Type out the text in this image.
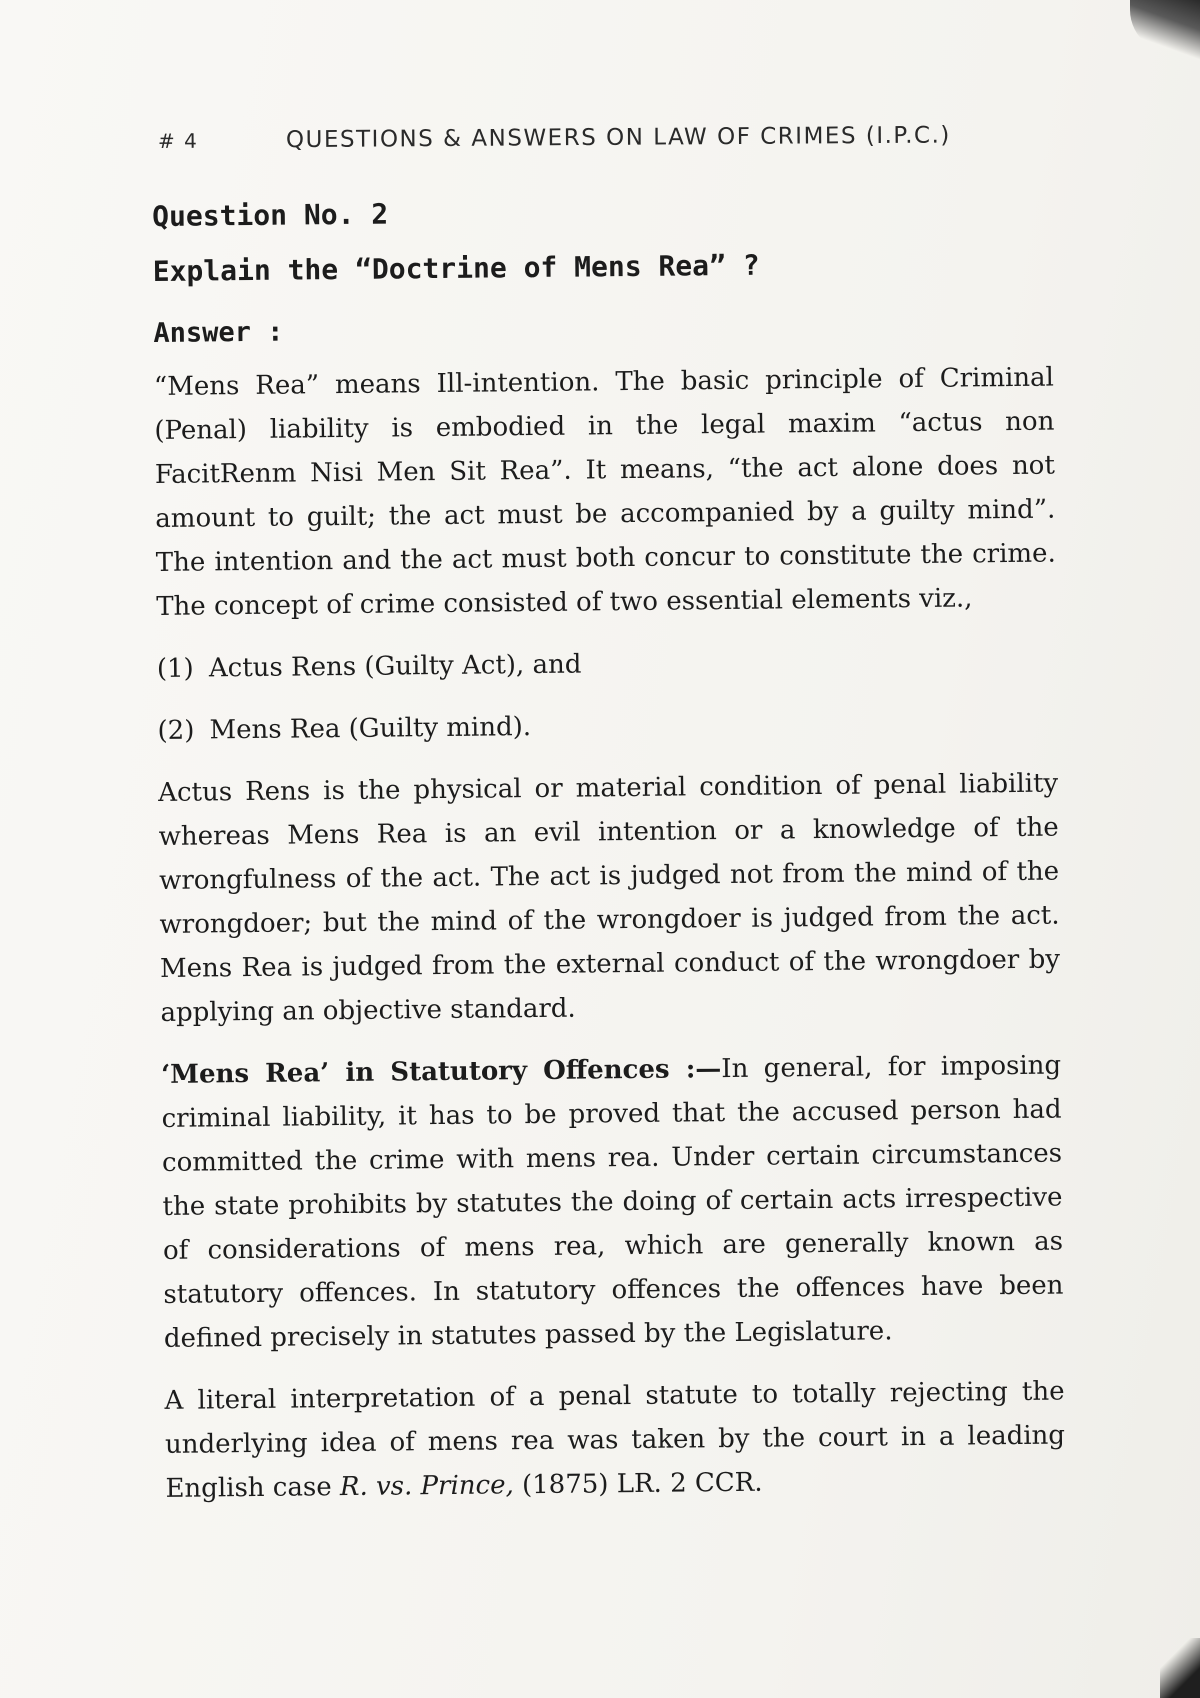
# 4	QUESTIONS & ANSWERS ON LAW OF CRIMES (I.P.C.)
Question No. 2
Explain the “Doctrine of Mens Rea” ?
Answer :

“Mens Rea” means Ill-intention. The basic principle of Criminal (Penal) liability is embodied in the legal maxim “actus non FacitRenm Nisi Men Sit Rea”. It means, “the act alone does not amount to guilt; the act must be accompanied by a guilty mind”. The intention and the act must both concur to constitute the crime. The concept of crime consisted of two essential elements viz.,

(1) Actus Rens (Guilty Act), and
(2) Mens Rea (Guilty mind).

Actus Rens is the physical or material condition of penal liability whereas Mens Rea is an evil intention or a knowledge of the wrongfulness of the act. The act is judged not from the mind of the wrongdoer; but the mind of the wrongdoer is judged from the act. Mens Rea is judged from the external conduct of the wrongdoer by applying an objective standard.

‘Mens Rea’ in Statutory Offences :—In general, for imposing criminal liability, it has to be proved that the accused person had committed the crime with mens rea. Under certain circumstances the state prohibits by statutes the doing of certain acts irrespective of considerations of mens rea, which are generally known as statutory offences. In statutory offences the offences have been defined precisely in statutes passed by the Legislature.

A literal interpretation of a penal statute to totally rejecting the underlying idea of mens rea was taken by the court in a leading English case R. vs. Prince, (1875) LR. 2 CCR.
